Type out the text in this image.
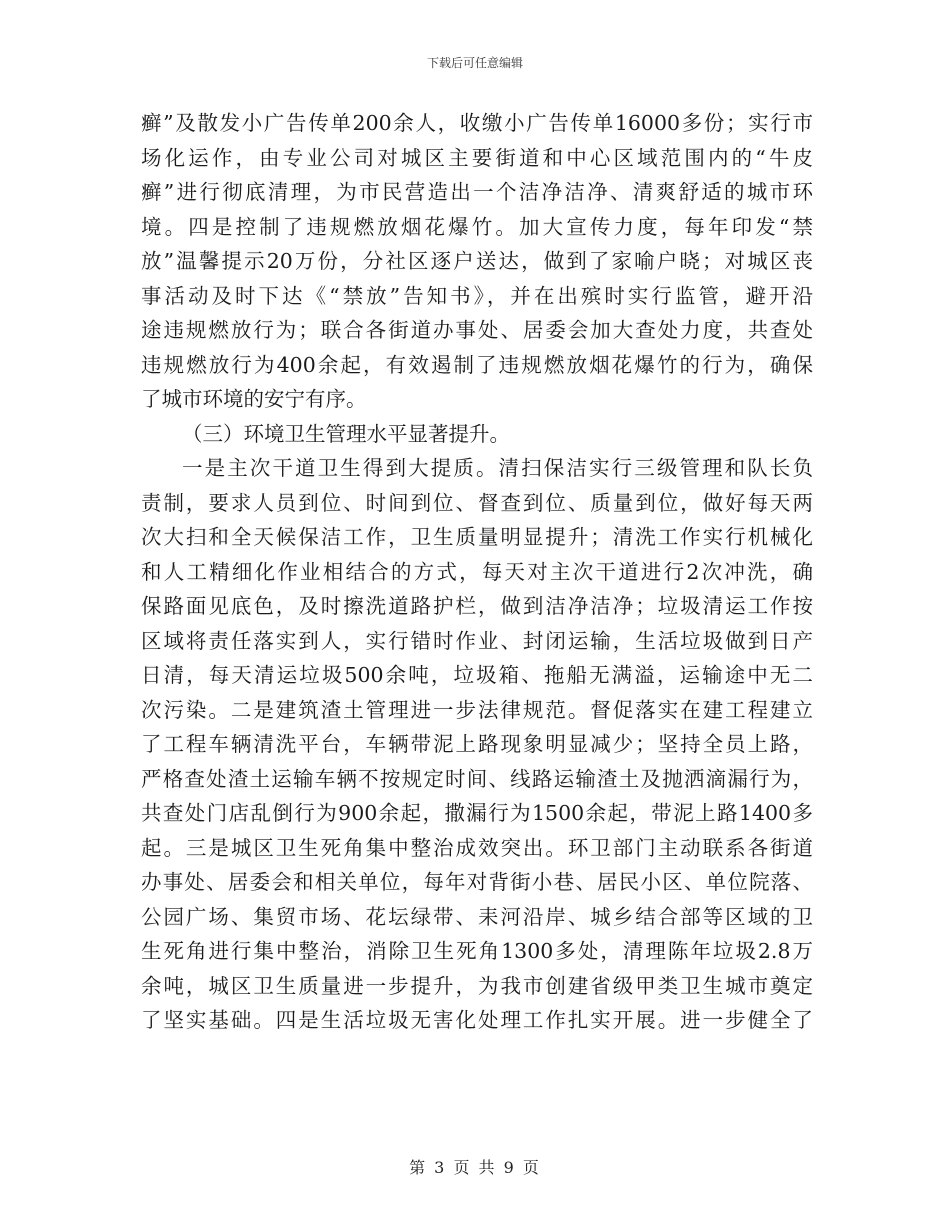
下载后可任意编辑
癣”及散发小广告传单200余人，收缴小广告传单16000多份；实行市
场化运作，由专业公司对城区主要街道和中心区域范围内的“牛皮
癣”进行彻底清理，为市民营造出一个洁净洁净、清爽舒适的城市环
境。四是控制了违规燃放烟花爆竹。加大宣传力度，每年印发“禁
放”温馨提示20万份，分社区逐户送达，做到了家喻户晓；对城区丧
事活动及时下达《“禁放”告知书》，并在出殡时实行监管，避开沿
途违规燃放行为；联合各街道办事处、居委会加大查处力度，共查处
违规燃放行为400余起，有效遏制了违规燃放烟花爆竹的行为，确保
了城市环境的安宁有序。
（三）环境卫生管理水平显著提升。
一是主次干道卫生得到大提质。清扫保洁实行三级管理和队长负
责制，要求人员到位、时间到位、督查到位、质量到位，做好每天两
次大扫和全天候保洁工作，卫生质量明显提升；清洗工作实行机械化
和人工精细化作业相结合的方式，每天对主次干道进行2次冲洗，确
保路面见底色，及时擦洗道路护栏，做到洁净洁净；垃圾清运工作按
区域将责任落实到人，实行错时作业、封闭运输，生活垃圾做到日产
日清，每天清运垃圾500余吨，垃圾箱、拖船无满溢，运输途中无二
次污染。二是建筑渣土管理进一步法律规范。督促落实在建工程建立
了工程车辆清洗平台，车辆带泥上路现象明显减少；坚持全员上路，
严格查处渣土运输车辆不按规定时间、线路运输渣土及抛洒滴漏行为，
共查处门店乱倒行为900余起，撒漏行为1500余起，带泥上路1400多
起。三是城区卫生死角集中整治成效突出。环卫部门主动联系各街道
办事处、居委会和相关单位，每年对背街小巷、居民小区、单位院落、
公园广场、集贸市场、花坛绿带、耒河沿岸、城乡结合部等区域的卫
生死角进行集中整治，消除卫生死角1300多处，清理陈年垃圾2.8万
余吨，城区卫生质量进一步提升，为我市创建省级甲类卫生城市奠定
了坚实基础。四是生活垃圾无害化处理工作扎实开展。进一步健全了
第 3 页 共 9 页
